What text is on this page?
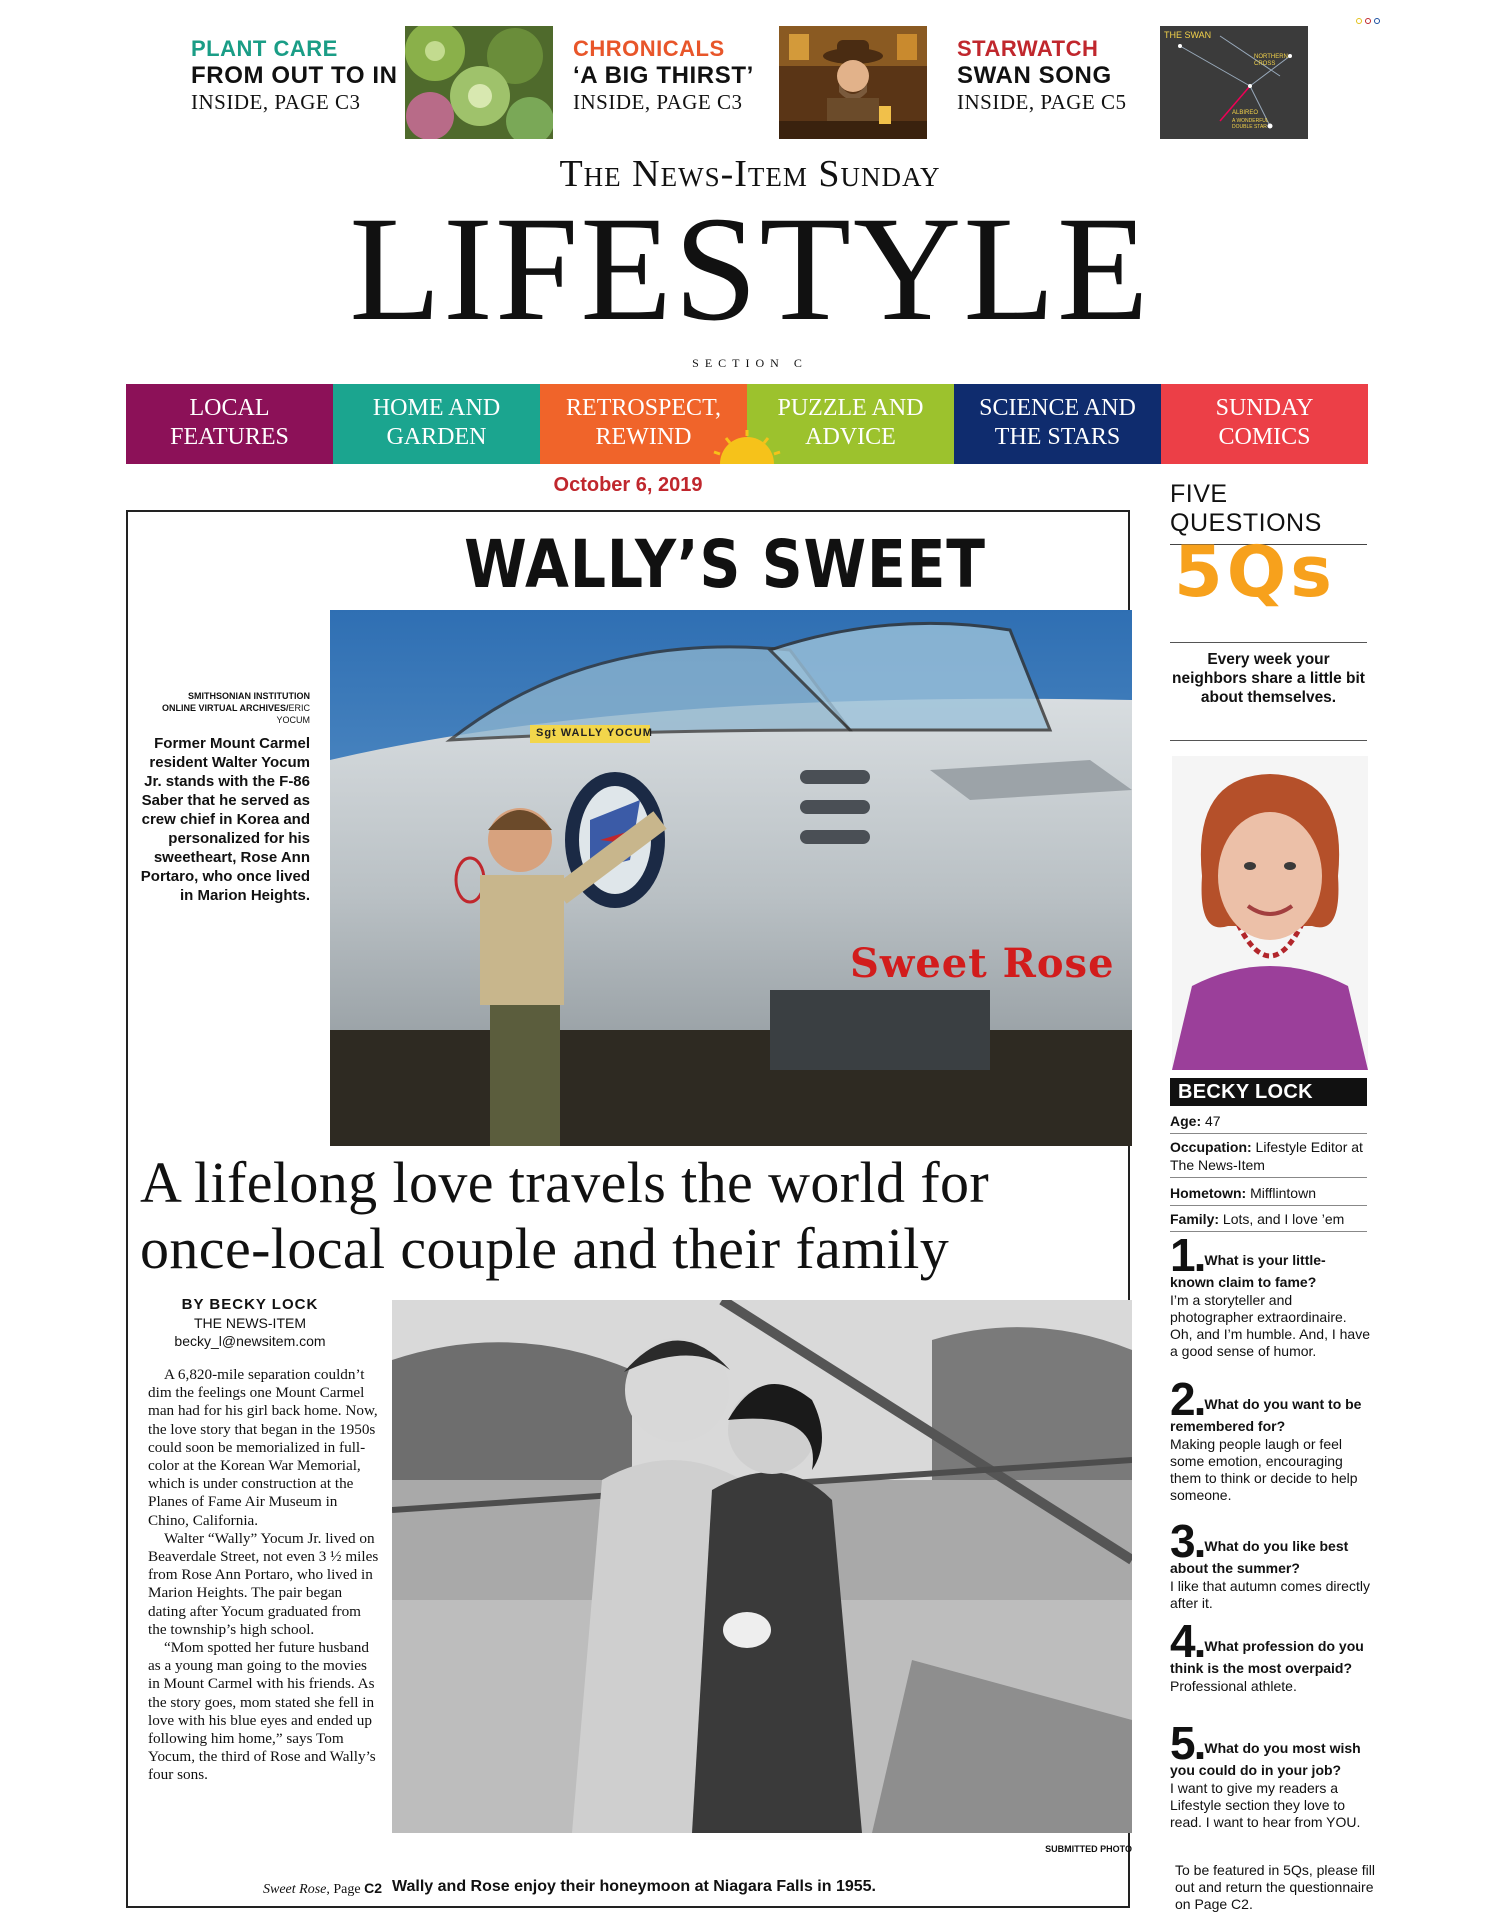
PLANT CARE
FROM OUT TO IN
INSIDE, PAGE C3
CHRONICALS
‘A BIG THIRST’
INSIDE, PAGE C3
STARWATCH
SWAN SONG
INSIDE, PAGE C5
THE SWAN
NORTHERN CROSS
ALBIREO
A WONDERFUL DOUBLE STAR
The News-Item Sunday
LIFESTYLE
SECTION C
LOCAL
FEATURES
HOME AND
GARDEN
RETROSPECT,
REWIND
PUZZLE AND
ADVICE
SCIENCE AND
THE STARS
SUNDAY
COMICS
October 6, 2019
WALLY’S SWEET
Sgt WALLY YOCUM
Sweet Rose
SMITHSONIAN INSTITUTION
ONLINE VIRTUAL ARCHIVES/ERIC
YOCUM
Former Mount Carmel resident Walter Yocum Jr. stands with the F-86 Saber that he served as crew chief in Korea and personalized for his sweetheart, Rose Ann Portaro, who once lived in Marion Heights.
A lifelong love travels the world for
once-local couple and their family
BY BECKY LOCK
THE NEWS-ITEM
becky_l@newsitem.com

A 6,820-mile separation couldn’t dim the feelings one Mount Carmel man had for his girl back home. Now, the love story that began in the 1950s could soon be memorialized in full-color at the Korean War Memorial, which is under construction at the Planes of Fame Air Museum in Chino, California.

Walter “Wally” Yocum Jr. lived on Beaverdale Street, not even 3 ½ miles from Rose Ann Portaro, who lived in Marion Heights. The pair began dating after Yocum graduated from the township’s high school.

“Mom spotted her future husband as a young man going to the movies in Mount Carmel with his friends. As the story goes, mom stated she fell in love with his blue eyes and ended up following him home,” says Tom Yocum, the third of Rose and Wally’s four sons.

Sweet Rose, Page C2
SUBMITTED PHOTO
Wally and Rose enjoy their honeymoon at Niagara Falls in 1955.
FIVE QUESTIONS
5Qs
Every week your neighbors share a little bit about themselves.
BECKY LOCK
Age: 47
Occupation: Lifestyle Editor at The News-Item
Hometown: Mifflintown
Family: Lots, and I love ’em
1.What is your little-known claim to fame?
I’m a storyteller and photographer extraordinaire. Oh, and I’m humble. And, I have a good sense of humor.
2.What do you want to be remembered for?
Making people laugh or feel some emotion, encouraging them to think or decide to help someone.
3.What do you like best about the summer?
I like that autumn comes directly after it.
4.What profession do you think is the most overpaid?
Professional athlete.
5.What do you most wish you could do in your job?
I want to give my readers a Lifestyle section they love to read. I want to hear from YOU.
To be featured in 5Qs, please fill out and return the questionnaire on Page C2.
